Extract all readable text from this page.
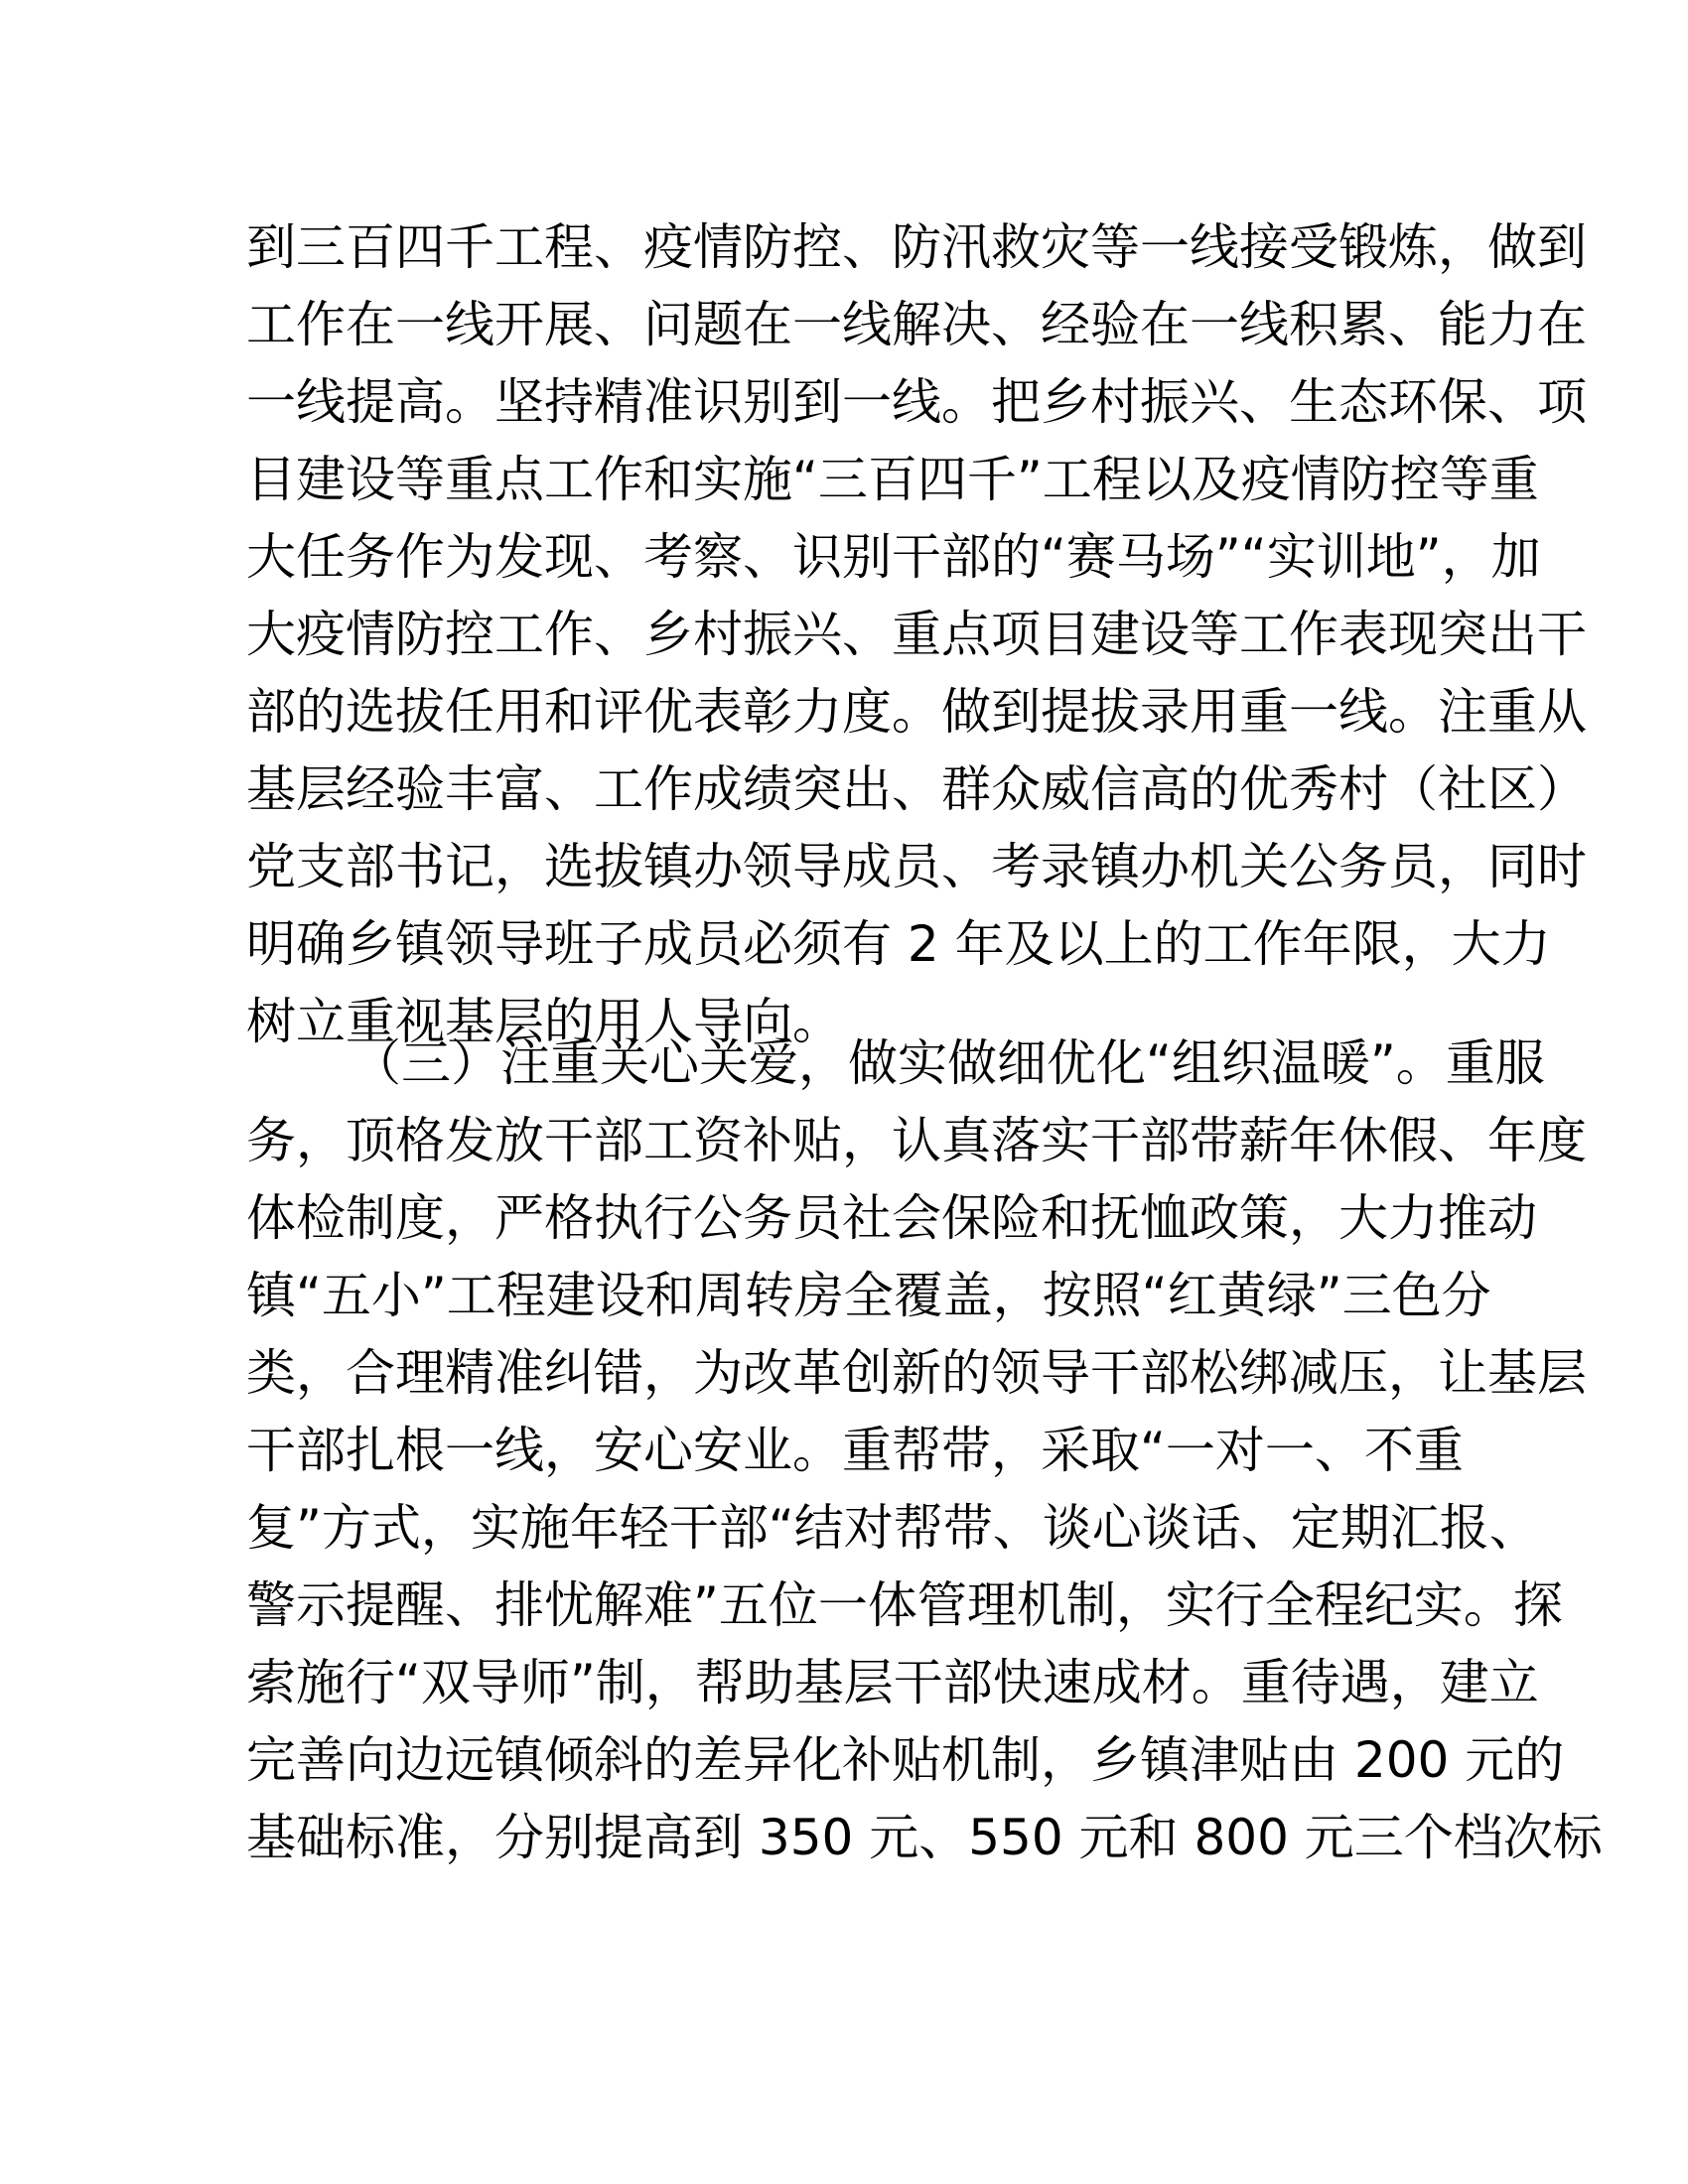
到三百四千工程、疫情防控、防汛救灾等一线接受锻炼，做到
工作在一线开展、问题在一线解决、经验在一线积累、能力在
一线提高。坚持精准识别到一线。把乡村振兴、生态环保、项
目建设等重点工作和实施“三百四千”工程以及疫情防控等重
大任务作为发现、考察、识别干部的“赛马场”“实训地”，加
大疫情防控工作、乡村振兴、重点项目建设等工作表现突出干
部的选拔任用和评优表彰力度。做到提拔录用重一线。注重从
基层经验丰富、工作成绩突出、群众威信高的优秀村（社区）
党支部书记，选拔镇办领导成员、考录镇办机关公务员，同时
明确乡镇领导班子成员必须有 2 年及以上的工作年限，大力
树立重视基层的用人导向。
（三）注重关心关爱，做实做细优化“组织温暖”。重服
务，顶格发放干部工资补贴，认真落实干部带薪年休假、年度
体检制度，严格执行公务员社会保险和抚恤政策，大力推动
镇“五小”工程建设和周转房全覆盖，按照“红黄绿”三色分
类，合理精准纠错，为改革创新的领导干部松绑减压，让基层
干部扎根一线，安心安业。重帮带，采取“一对一、不重
复”方式，实施年轻干部“结对帮带、谈心谈话、定期汇报、
警示提醒、排忧解难”五位一体管理机制，实行全程纪实。探
索施行“双导师”制，帮助基层干部快速成材。重待遇，建立
完善向边远镇倾斜的差异化补贴机制，乡镇津贴由 200 元的
基础标准，分别提高到 350 元、550 元和 800 元三个档次标
